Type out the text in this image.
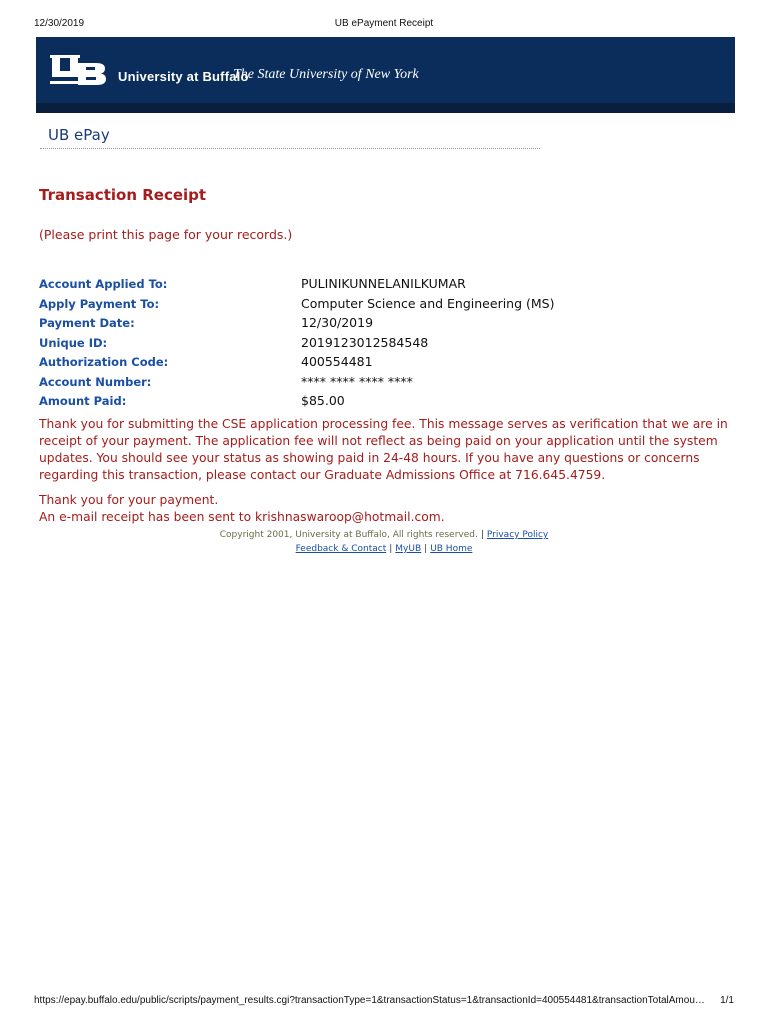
12/30/2019	UB ePayment Receipt
University at Buffalo
The State University of New York
UB ePay
Transaction Receipt
(Please print this page for your records.)
Account Applied To:	PULINIKUNNELANILKUMAR
Apply Payment To:	Computer Science and Engineering (MS)
Payment Date:	12/30/2019
Unique ID:	2019123012584548
Authorization Code:	400554481
Account Number:	**** **** **** ****
Amount Paid:	$85.00
Thank you for submitting the CSE application processing fee. This message serves as verification that we are in receipt of your payment. The application fee will not reflect as being paid on your application until the system updates. You should see your status as showing paid in 24-48 hours. If you have any questions or concerns regarding this transaction, please contact our Graduate Admissions Office at 716.645.4759.
Thank you for your payment.
An e-mail receipt has been sent to krishnaswaroop@hotmail.com.
Copyright 2001, University at Buffalo, All rights reserved. | Privacy Policy
Feedback & Contact | MyUB | UB Home
https://epay.buffalo.edu/public/scripts/payment_results.cgi?transactionType=1&transactionStatus=1&transactionId=400554481&transactionTotalAmou…	1/1
